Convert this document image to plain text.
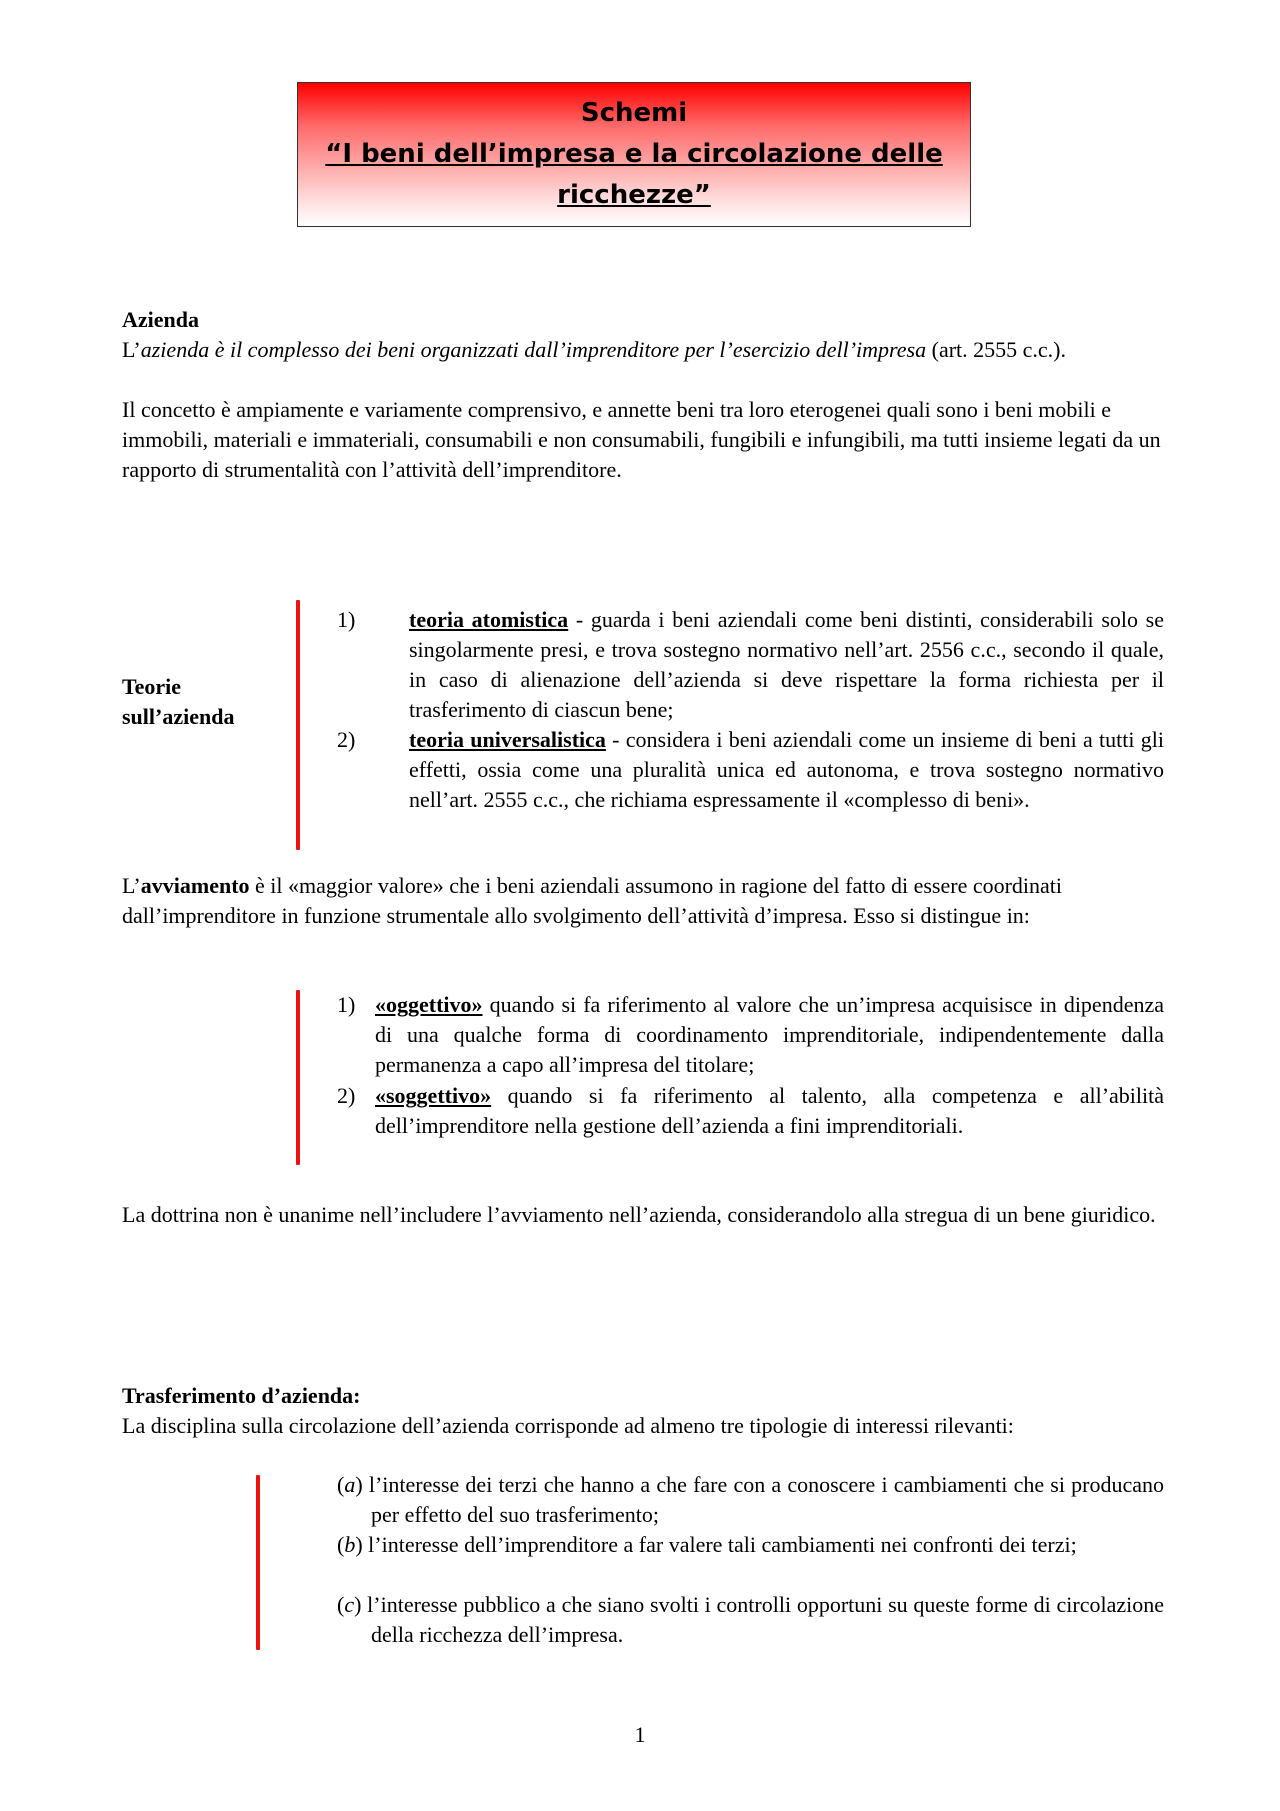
Schemi
“I beni dell’impresa e la circolazione delle
ricchezze”
Azienda
L’azienda è il complesso dei beni organizzati dall’imprenditore per l’esercizio dell’impresa (art. 2555 c.c.).
Il concetto è ampiamente e variamente comprensivo, e annette beni tra loro eterogenei quali sono i beni mobili e immobili, materiali e immateriali, consumabili e non consumabili, fungibili e infungibili, ma tutti insieme legati da un rapporto di strumentalità con l’attività dell’imprenditore.
Teorie
sull’azienda
1) teoria atomistica - guarda i beni aziendali come beni distinti, considerabili solo se singolarmente presi, e trova sostegno normativo nell’art. 2556 c.c., secondo il quale, in caso di alienazione dell’azienda si deve rispettare la forma richiesta per il trasferimento di ciascun bene;
2) teoria universalistica - considera i beni aziendali come un insieme di beni a tutti gli effetti, ossia come una pluralità unica ed autonoma, e trova sostegno normativo nell’art. 2555 c.c., che richiama espressamente il «complesso di beni».
L’avviamento è il «maggior valore» che i beni aziendali assumono in ragione del fatto di essere coordinati dall’imprenditore in funzione strumentale allo svolgimento dell’attività d’impresa. Esso si distingue in:
1) «oggettivo» quando si fa riferimento al valore che un’impresa acquisisce in dipendenza di una qualche forma di coordinamento imprenditoriale, indipendentemente dalla permanenza a capo all’impresa del titolare;
2) «soggettivo» quando si fa riferimento al talento, alla competenza e all’abilità dell’imprenditore nella gestione dell’azienda a fini imprenditoriali.
La dottrina non è unanime nell’includere l’avviamento nell’azienda, considerandolo alla stregua di un bene giuridico.
Trasferimento d’azienda:
La disciplina sulla circolazione dell’azienda corrisponde ad almeno tre tipologie di interessi rilevanti:
(a) l’interesse dei terzi che hanno a che fare con a conoscere i cambiamenti che si producano per effetto del suo trasferimento;
(b) l’interesse dell’imprenditore a far valere tali cambiamenti nei confronti dei terzi;
(c) l’interesse pubblico a che siano svolti i controlli opportuni su queste forme di circolazione della ricchezza dell’impresa.
1
